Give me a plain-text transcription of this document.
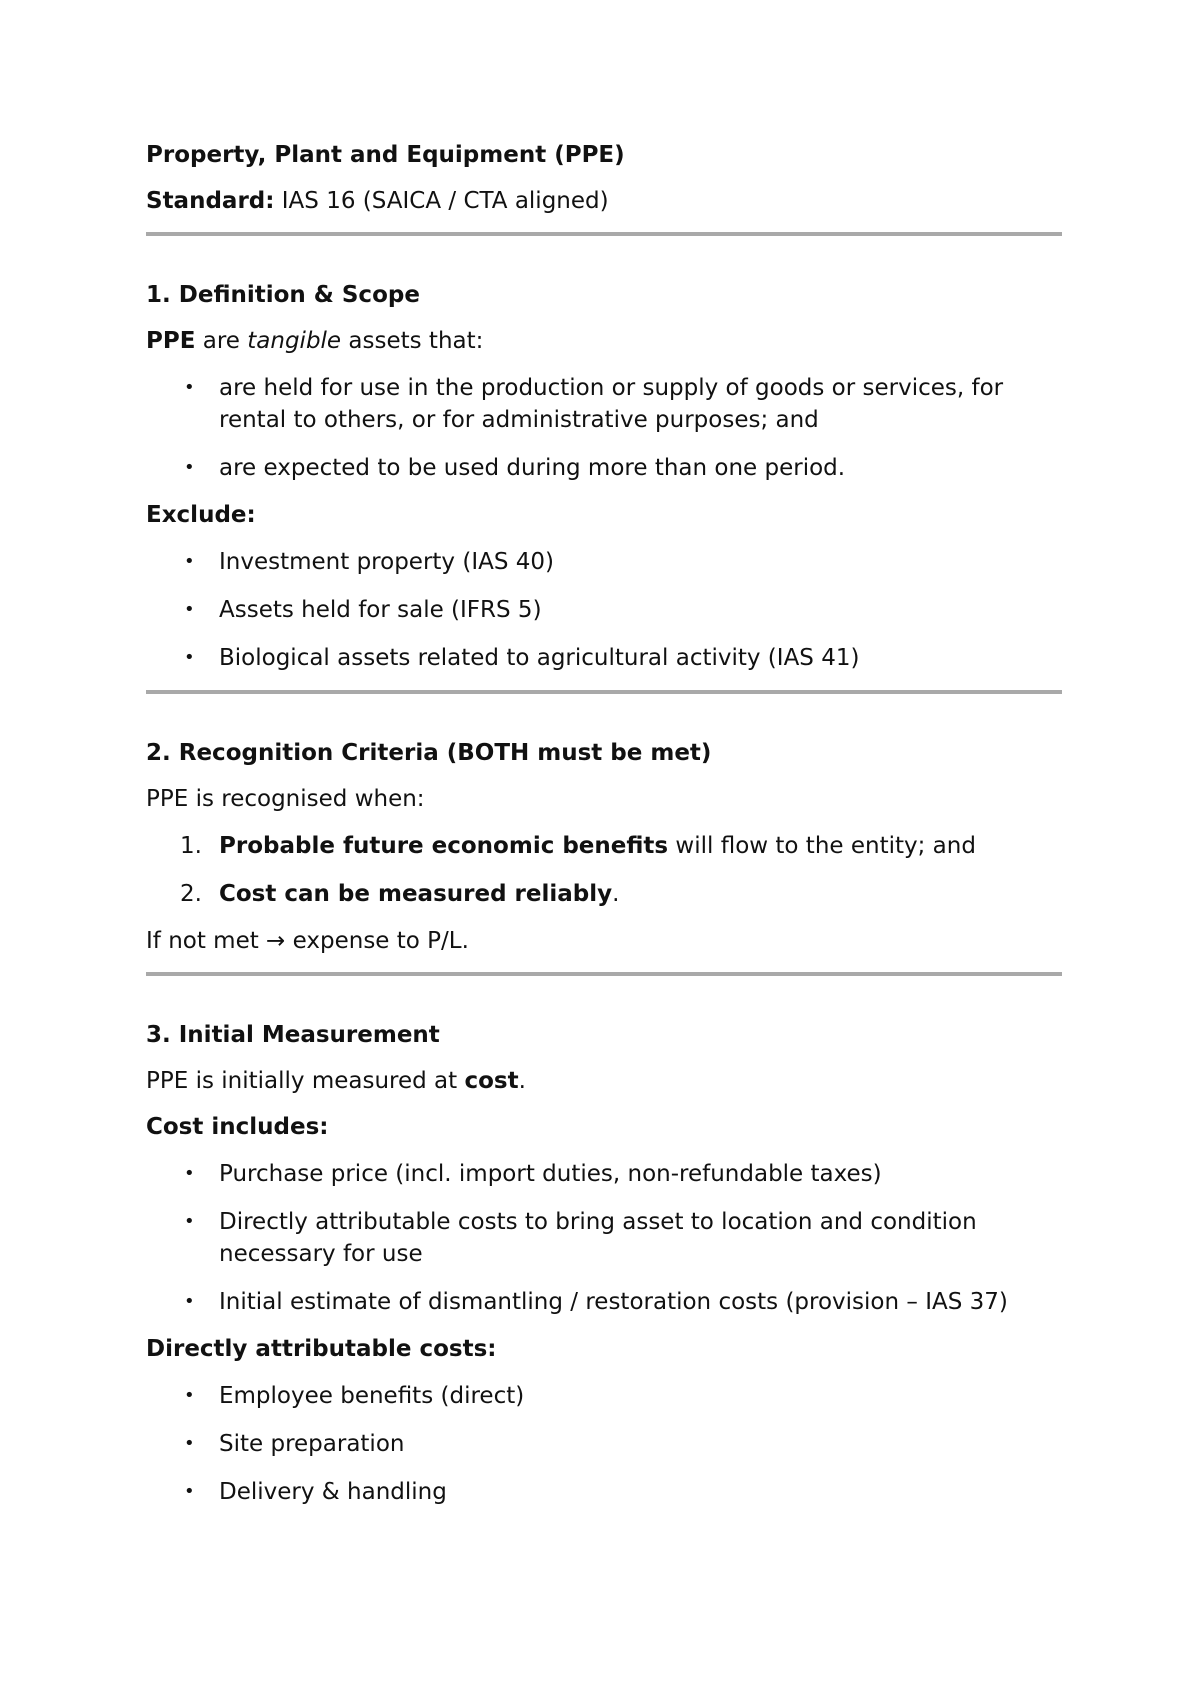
Property, Plant and Equipment (PPE)
Standard: IAS 16 (SAICA / CTA aligned)
1. Definition & Scope
PPE are tangible assets that:
• are held for use in the production or supply of goods or services, for rental to others, or for administrative purposes; and
• are expected to be used during more than one period.
Exclude:
• Investment property (IAS 40)
• Assets held for sale (IFRS 5)
• Biological assets related to agricultural activity (IAS 41)
2. Recognition Criteria (BOTH must be met)
PPE is recognised when:
1. Probable future economic benefits will flow to the entity; and
2. Cost can be measured reliably.
If not met → expense to P/L.
3. Initial Measurement
PPE is initially measured at cost.
Cost includes:
• Purchase price (incl. import duties, non-refundable taxes)
• Directly attributable costs to bring asset to location and condition necessary for use
• Initial estimate of dismantling / restoration costs (provision – IAS 37)
Directly attributable costs:
• Employee benefits (direct)
• Site preparation
• Delivery & handling
